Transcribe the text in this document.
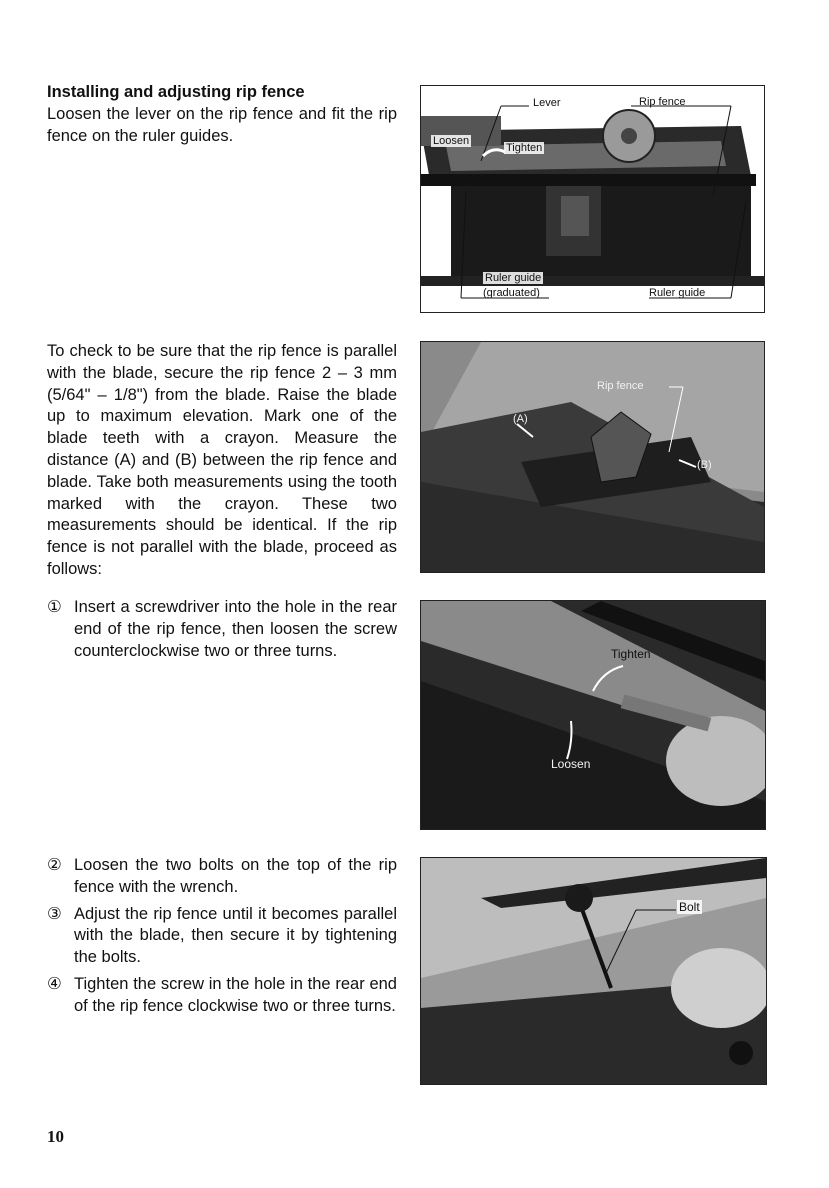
Installing and adjusting rip fence

Loosen the lever on the rip fence and fit the rip fence on the ruler guides.

To check to be sure that the rip fence is parallel with the blade, secure the rip fence 2 – 3 mm (5/64" – 1/8") from the blade. Raise the blade up to maximum elevation. Mark one of the blade teeth with a crayon. Measure the distance (A) and (B) between the rip fence and blade. Take both measurements using the tooth marked with the crayon. These two measurements should be identical. If the rip fence is not parallel with the blade, proceed as follows:

① Insert a screwdriver into the hole in the rear end of the rip fence, then loosen the screw counterclockwise two or three turns.
② Loosen the two bolts on the top of the rip fence with the wrench.
③ Adjust the rip fence until it becomes parallel with the blade, then secure it by tightening the bolts.
④ Tighten the screw in the hole in the rear end of the rip fence clockwise two or three turns.
Lever	Rip fence
Loosen
Tighten
Ruler guide
(graduated)	Ruler guide
Rip fence
(A)
(B)
Tighten
Loosen
Bolt
10
